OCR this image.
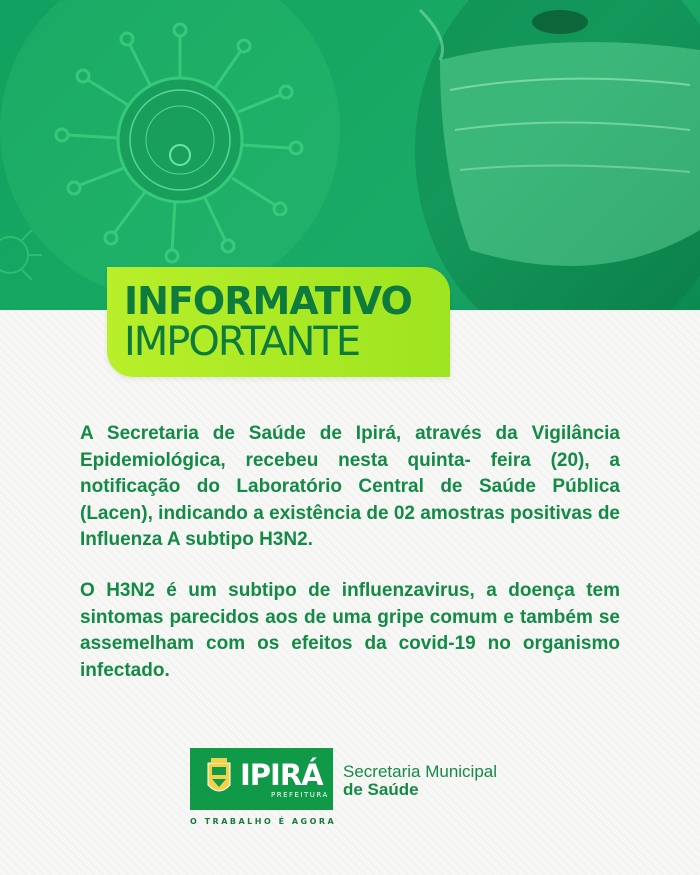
INFORMATIVO
IMPORTANTE
A Secretaria de Saúde de Ipirá, através da Vigilância Epidemiológica, recebeu nesta quinta- feira (20), a notificação do Laboratório Central de Saúde Pública (Lacen), indicando a existência de 02 amostras positivas de Influenza A subtipo H3N2.
O H3N2 é um subtipo de influenzavirus, a doença tem sintomas parecidos aos de uma gripe comum e também se assemelham com os efeitos da covid-19 no organismo infectado.
IPIRÁ
PREFEITURA
O TRABALHO É AGORA
Secretaria Municipal
de Saúde
